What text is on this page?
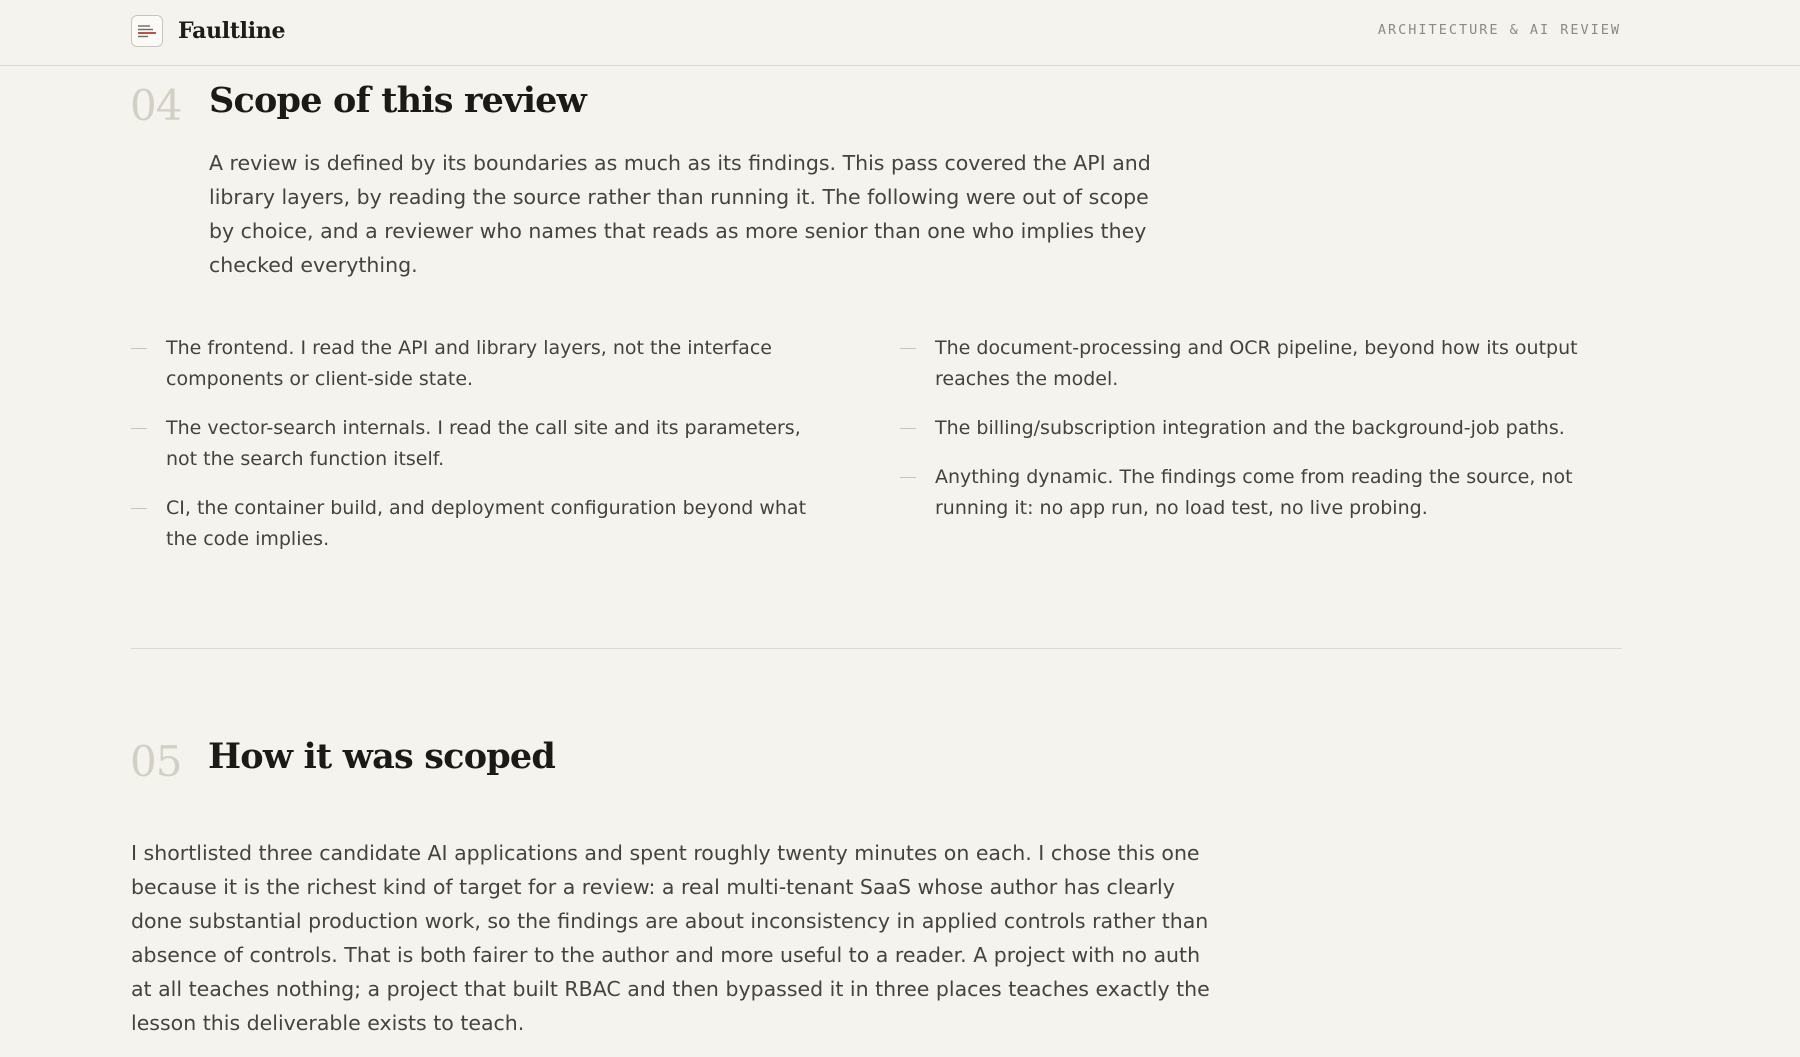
Faultline	ARCHITECTURE & AI REVIEW
04 Scope of this review

A review is defined by its boundaries as much as its findings. This pass covered the API and library layers, by reading the source rather than running it. The following were out of scope by choice, and a reviewer who names that reads as more senior than one who implies they checked everything.

The frontend. I read the API and library layers, not the interface components or client-side state.
The vector-search internals. I read the call site and its parameters, not the search function itself.
CI, the container build, and deployment configuration beyond what the code implies.
The document-processing and OCR pipeline, beyond how its output reaches the model.
The billing/subscription integration and the background-job paths.
Anything dynamic. The findings come from reading the source, not running it: no app run, no load test, no live probing.
05 How it was scoped

I shortlisted three candidate AI applications and spent roughly twenty minutes on each. I chose this one because it is the richest kind of target for a review: a real multi-tenant SaaS whose author has clearly done substantial production work, so the findings are about inconsistency in applied controls rather than absence of controls. That is both fairer to the author and more useful to a reader. A project with no auth at all teaches nothing; a project that built RBAC and then bypassed it in three places teaches exactly the lesson this deliverable exists to teach.
